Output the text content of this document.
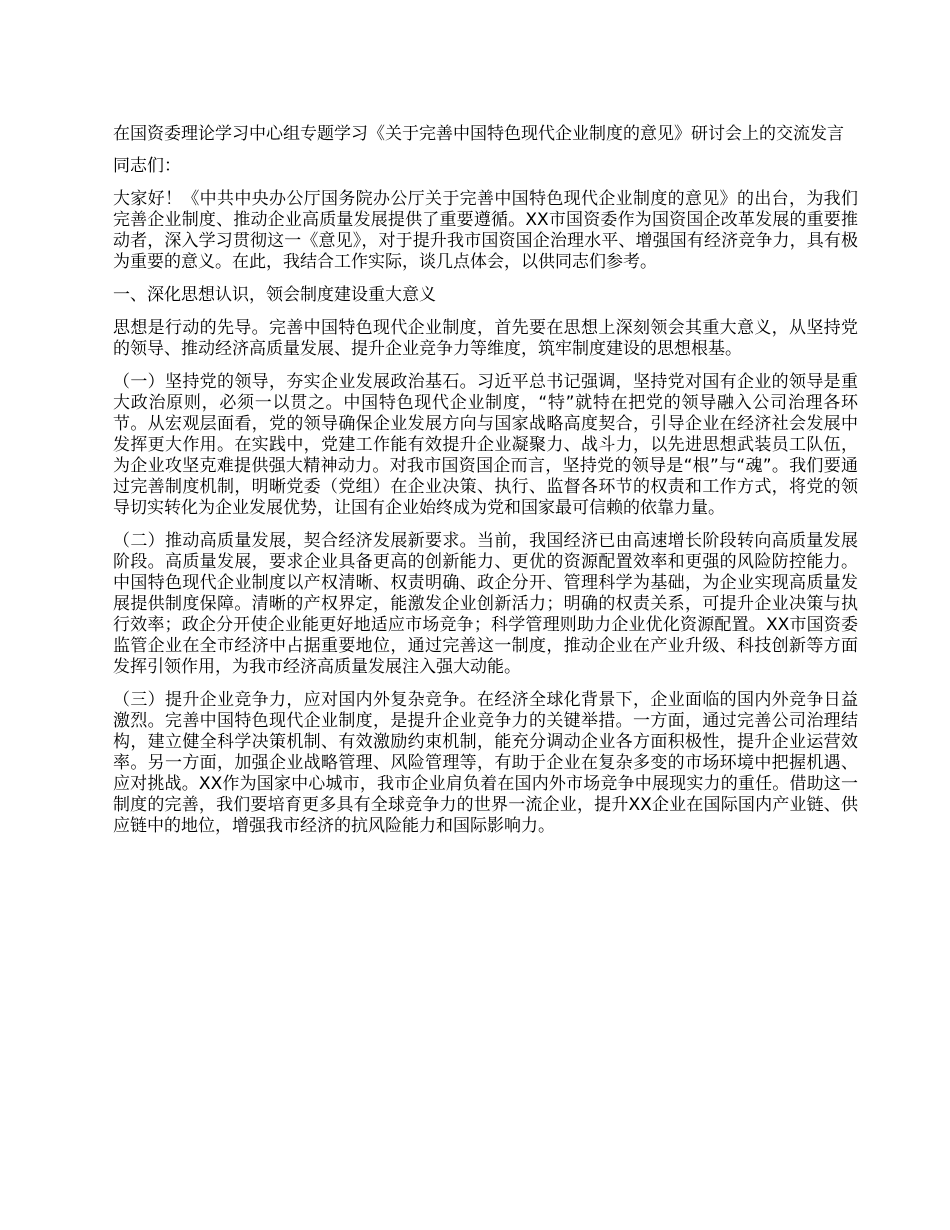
在国资委理论学习中心组专题学习《关于完善中国特色现代企业制度的意见》研讨会上的交流发言

同志们：

大家好！《中共中央办公厅国务院办公厅关于完善中国特色现代企业制度的意见》的出台，为我们完善企业制度、推动企业高质量发展提供了重要遵循。XX市国资委作为国资国企改革发展的重要推动者，深入学习贯彻这一《意见》，对于提升我市国资国企治理水平、增强国有经济竞争力，具有极为重要的意义。在此，我结合工作实际，谈几点体会，以供同志们参考。

一、深化思想认识，领会制度建设重大意义

思想是行动的先导。完善中国特色现代企业制度，首先要在思想上深刻领会其重大意义，从坚持党的领导、推动经济高质量发展、提升企业竞争力等维度，筑牢制度建设的思想根基。

（一）坚持党的领导，夯实企业发展政治基石。习近平总书记强调，坚持党对国有企业的领导是重大政治原则，必须一以贯之。中国特色现代企业制度，“特”就特在把党的领导融入公司治理各环节。从宏观层面看，党的领导确保企业发展方向与国家战略高度契合，引导企业在经济社会发展中发挥更大作用。在实践中，党建工作能有效提升企业凝聚力、战斗力，以先进思想武装员工队伍，为企业攻坚克难提供强大精神动力。对我市国资国企而言，坚持党的领导是“根”与“魂”。我们要通过完善制度机制，明晰党委（党组）在企业决策、执行、监督各环节的权责和工作方式，将党的领导切实转化为企业发展优势，让国有企业始终成为党和国家最可信赖的依靠力量。

（二）推动高质量发展，契合经济发展新要求。当前，我国经济已由高速增长阶段转向高质量发展阶段。高质量发展，要求企业具备更高的创新能力、更优的资源配置效率和更强的风险防控能力。中国特色现代企业制度以产权清晰、权责明确、政企分开、管理科学为基础，为企业实现高质量发展提供制度保障。清晰的产权界定，能激发企业创新活力；明确的权责关系，可提升企业决策与执行效率；政企分开使企业能更好地适应市场竞争；科学管理则助力企业优化资源配置。XX市国资委监管企业在全市经济中占据重要地位，通过完善这一制度，推动企业在产业升级、科技创新等方面发挥引领作用，为我市经济高质量发展注入强大动能。

（三）提升企业竞争力，应对国内外复杂竞争。在经济全球化背景下，企业面临的国内外竞争日益激烈。完善中国特色现代企业制度，是提升企业竞争力的关键举措。一方面，通过完善公司治理结构，建立健全科学决策机制、有效激励约束机制，能充分调动企业各方面积极性，提升企业运营效率。另一方面，加强企业战略管理、风险管理等，有助于企业在复杂多变的市场环境中把握机遇、应对挑战。XX作为国家中心城市，我市企业肩负着在国内外市场竞争中展现实力的重任。借助这一制度的完善，我们要培育更多具有全球竞争力的世界一流企业，提升XX企业在国际国内产业链、供应链中的地位，增强我市经济的抗风险能力和国际影响力。
